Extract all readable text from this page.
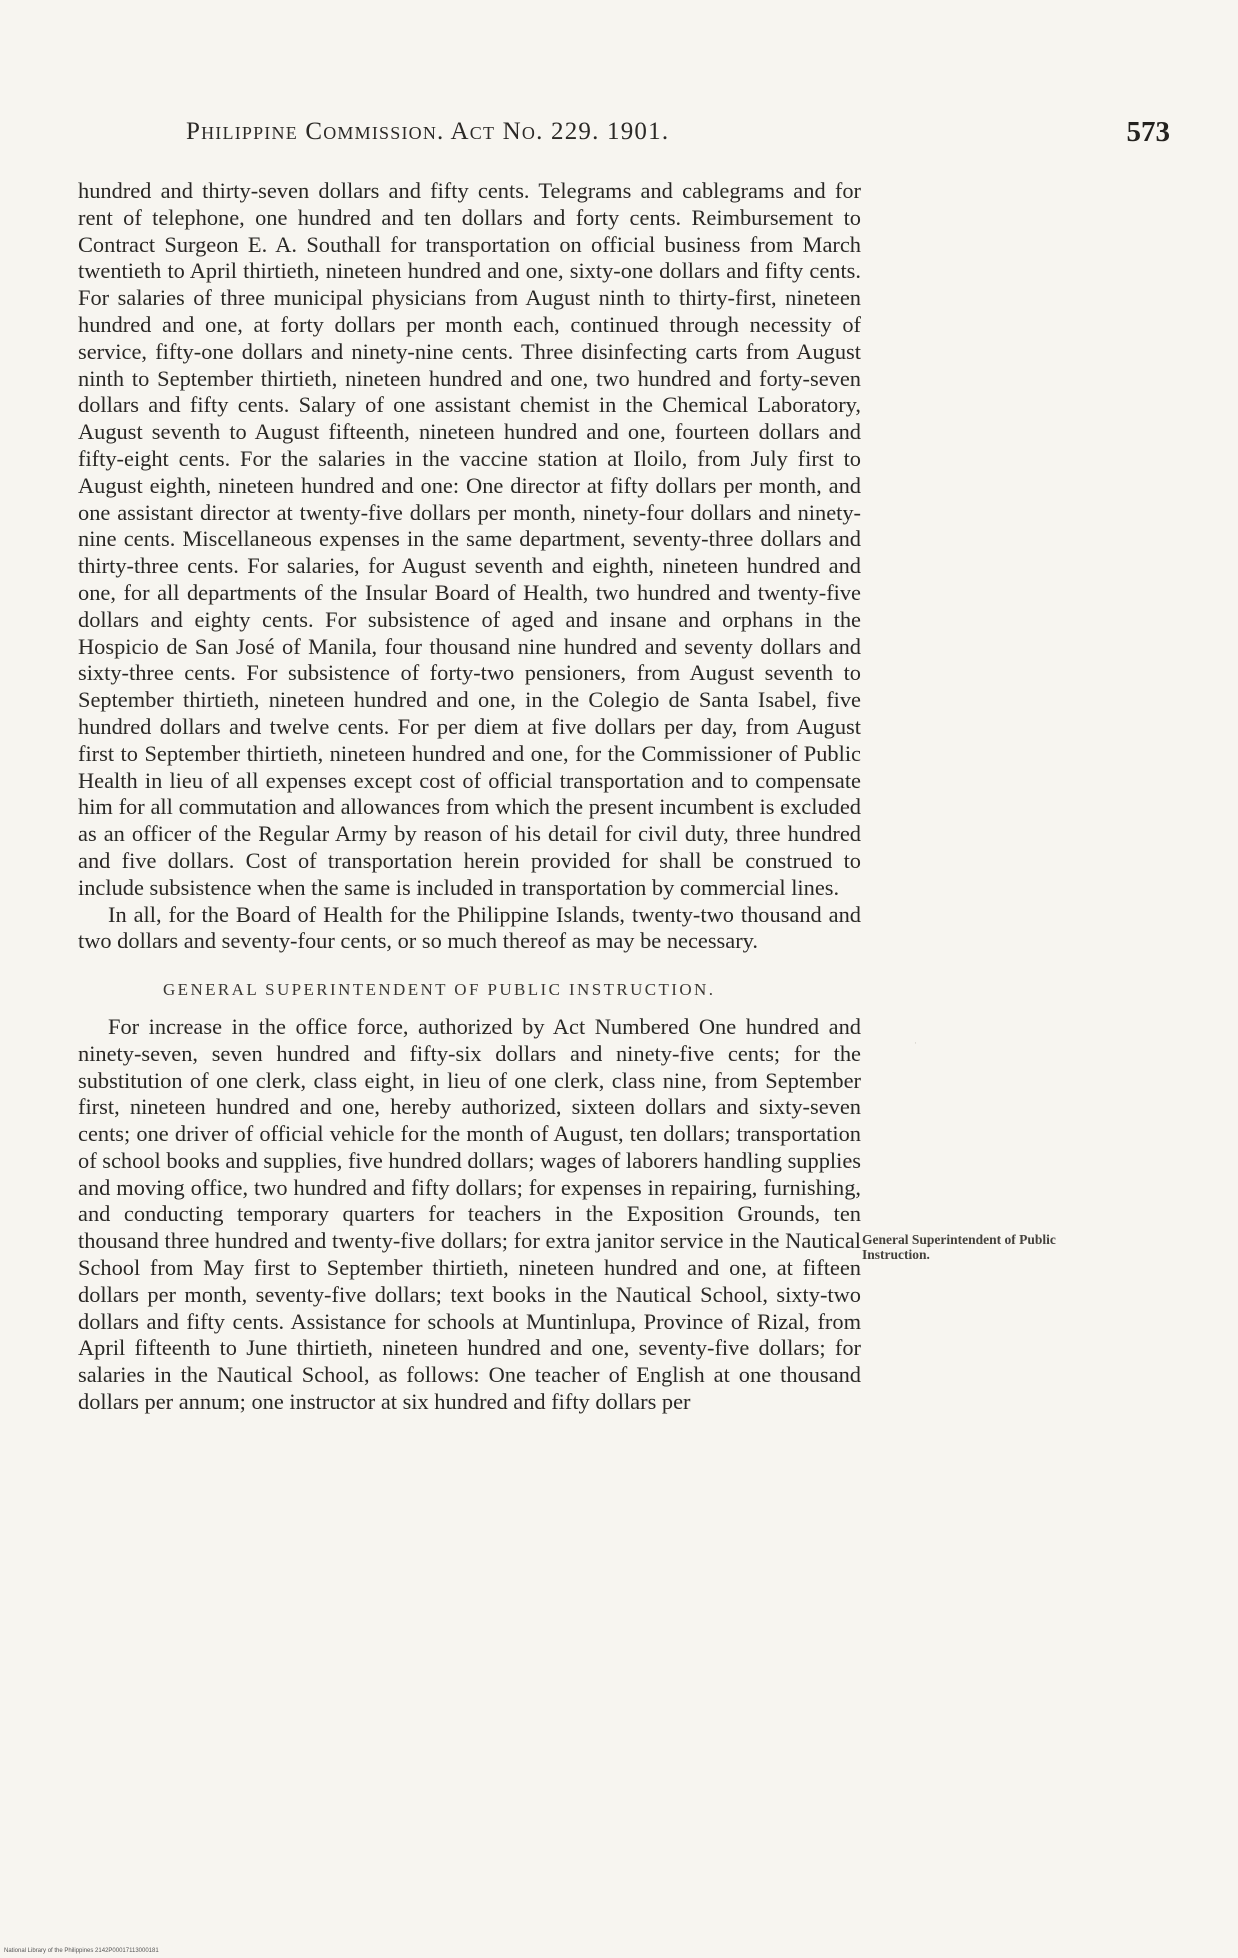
Philippine Commission. Act No. 229. 1901.	573

hundred and thirty-seven dollars and fifty cents. Telegrams and cablegrams and for rent of telephone, one hundred and ten dollars and forty cents. Reimbursement to Contract Surgeon E. A. Southall for transportation on official business from March twentieth to April thirtieth, nineteen hundred and one, sixty-one dollars and fifty cents. For salaries of three municipal physicians from August ninth to thirty-first, nineteen hundred and one, at forty dollars per month each, continued through necessity of service, fifty-one dollars and ninety-nine cents. Three disinfecting carts from August ninth to September thirtieth, nineteen hundred and one, two hundred and forty-seven dollars and fifty cents. Salary of one assistant chemist in the Chemical Laboratory, August seventh to August fifteenth, nineteen hundred and one, fourteen dollars and fifty-eight cents. For the salaries in the vaccine station at Iloilo, from July first to August eighth, nineteen hundred and one: One director at fifty dollars per month, and one assistant director at twenty-five dollars per month, ninety-four dollars and ninety-nine cents. Miscellaneous expenses in the same department, seventy-three dollars and thirty-three cents. For salaries, for August seventh and eighth, nineteen hundred and one, for all departments of the Insular Board of Health, two hundred and twenty-five dollars and eighty cents. For subsistence of aged and insane and orphans in the Hospicio de San José of Manila, four thousand nine hundred and seventy dollars and sixty-three cents. For subsistence of forty-two pensioners, from August seventh to September thirtieth, nineteen hundred and one, in the Colegio de Santa Isabel, five hundred dollars and twelve cents. For per diem at five dollars per day, from August first to September thirtieth, nineteen hundred and one, for the Commissioner of Public Health in lieu of all expenses except cost of official transportation and to compensate him for all commutation and allowances from which the present incumbent is excluded as an officer of the Regular Army by reason of his detail for civil duty, three hundred and five dollars. Cost of transportation herein provided for shall be construed to include subsistence when the same is included in transportation by commercial lines.

In all, for the Board of Health for the Philippine Islands, twenty-two thousand and two dollars and seventy-four cents, or so much thereof as may be necessary.

GENERAL SUPERINTENDENT OF PUBLIC INSTRUCTION.

For increase in the office force, authorized by Act Numbered One hundred and ninety-seven, seven hundred and fifty-six dollars and ninety-five cents; for the substitution of one clerk, class eight, in lieu of one clerk, class nine, from September first, nineteen hundred and one, hereby authorized, sixteen dollars and sixty-seven cents; one driver of official vehicle for the month of August, ten dollars; transportation of school books and supplies, five hundred dollars; wages of laborers handling supplies and moving office, two hundred and fifty dollars; for expenses in repairing, furnishing, and conducting temporary quarters for teachers in the Exposition Grounds, ten thousand three hundred and twenty-five dollars; for extra janitor service in the Nautical School from May first to September thirtieth, nineteen hundred and one, at fifteen dollars per month, seventy-five dollars; text books in the Nautical School, sixty-two dollars and fifty cents. Assistance for schools at Muntinlupa, Province of Rizal, from April fifteenth to June thirtieth, nineteen hundred and one, seventy-five dollars; for salaries in the Nautical School, as follows: One teacher of English at one thousand dollars per annum; one instructor at six hundred and fifty dollars per

General Superintendent of Public Instruction.
·
National Library of the Philippines 2142P00017113000181
